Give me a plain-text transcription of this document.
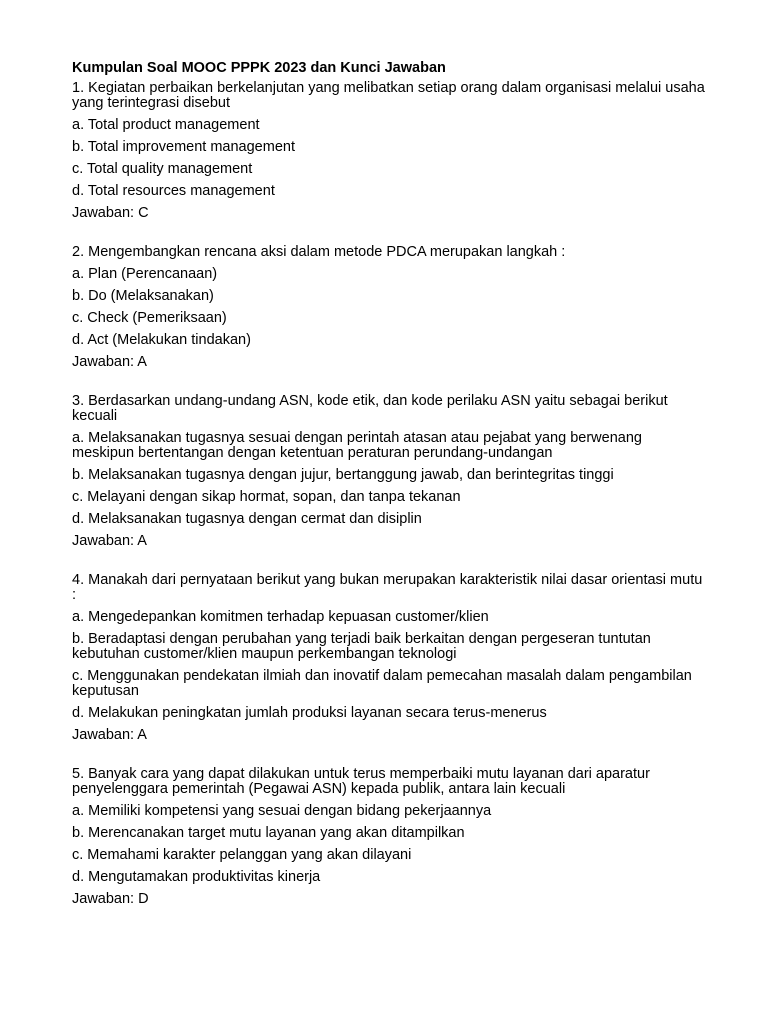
Kumpulan Soal MOOC PPPK 2023 dan Kunci Jawaban
1. Kegiatan perbaikan berkelanjutan yang melibatkan setiap orang dalam organisasi melalui usaha yang terintegrasi disebut
a. Total product management
b. Total improvement management
c. Total quality management
d. Total resources management
Jawaban: C
2. Mengembangkan rencana aksi dalam metode PDCA merupakan langkah :
a. Plan (Perencanaan)
b. Do (Melaksanakan)
c. Check (Pemeriksaan)
d. Act (Melakukan tindakan)
Jawaban: A
3. Berdasarkan undang-undang ASN, kode etik, dan kode perilaku ASN yaitu sebagai berikut kecuali
a. Melaksanakan tugasnya sesuai dengan perintah atasan atau pejabat yang berwenang meskipun bertentangan dengan ketentuan peraturan perundang-undangan
b. Melaksanakan tugasnya dengan jujur, bertanggung jawab, dan berintegritas tinggi
c. Melayani dengan sikap hormat, sopan, dan tanpa tekanan
d. Melaksanakan tugasnya dengan cermat dan disiplin
Jawaban: A
4. Manakah dari pernyataan berikut yang bukan merupakan karakteristik nilai dasar orientasi mutu :
a. Mengedepankan komitmen terhadap kepuasan customer/klien
b. Beradaptasi dengan perubahan yang terjadi baik berkaitan dengan pergeseran tuntutan kebutuhan customer/klien maupun perkembangan teknologi
c. Menggunakan pendekatan ilmiah dan inovatif dalam pemecahan masalah dalam pengambilan keputusan
d. Melakukan peningkatan jumlah produksi layanan secara terus-menerus
Jawaban: A
5. Banyak cara yang dapat dilakukan untuk terus memperbaiki mutu layanan dari aparatur penyelenggara pemerintah (Pegawai ASN) kepada publik, antara lain kecuali
a. Memiliki kompetensi yang sesuai dengan bidang pekerjaannya
b. Merencanakan target mutu layanan yang akan ditampilkan
c. Memahami karakter pelanggan yang akan dilayani
d. Mengutamakan produktivitas kinerja
Jawaban: D
